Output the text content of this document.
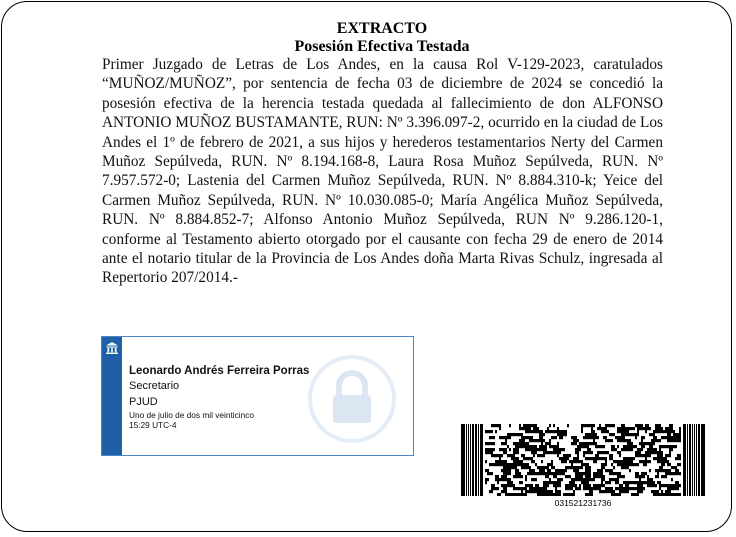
EXTRACTO
Posesión Efectiva Testada

Primer Juzgado de Letras de Los Andes, en la causa Rol V-129-2023, caratulados “MUÑOZ/MUÑOZ”, por sentencia de fecha 03 de diciembre de 2024 se concedió la posesión efectiva de la herencia testada quedada al fallecimiento de don ALFONSO ANTONIO MUÑOZ BUSTAMANTE, RUN: Nº 3.396.097-2, ocurrido en la ciudad de Los Andes el 1º de febrero de 2021, a sus hijos y herederos testamentarios Nerty del Carmen Muñoz Sepúlveda, RUN. Nº 8.194.168-8, Laura Rosa Muñoz Sepúlveda, RUN. Nº 7.957.572-0; Lastenia del Carmen Muñoz Sepúlveda, RUN. Nº 8.884.310-k; Yeice del Carmen Muñoz Sepúlveda, RUN. Nº 10.030.085-0; María Angélica Muñoz Sepúlveda, RUN. Nº 8.884.852-7; Alfonso Antonio Muñoz Sepúlveda, RUN Nº 9.286.120-1, conforme al Testamento abierto otorgado por el causante con fecha 29 de enero de 2014 ante el notario titular de la Provincia de Los Andes doña Marta Rivas Schulz, ingresada al Repertorio 207/2014.-

Leonardo Andrés Ferreira Porras

Secretario

PJUD

Uno de julio de dos mil veinticinco

15:29 UTC-4

031521231736
